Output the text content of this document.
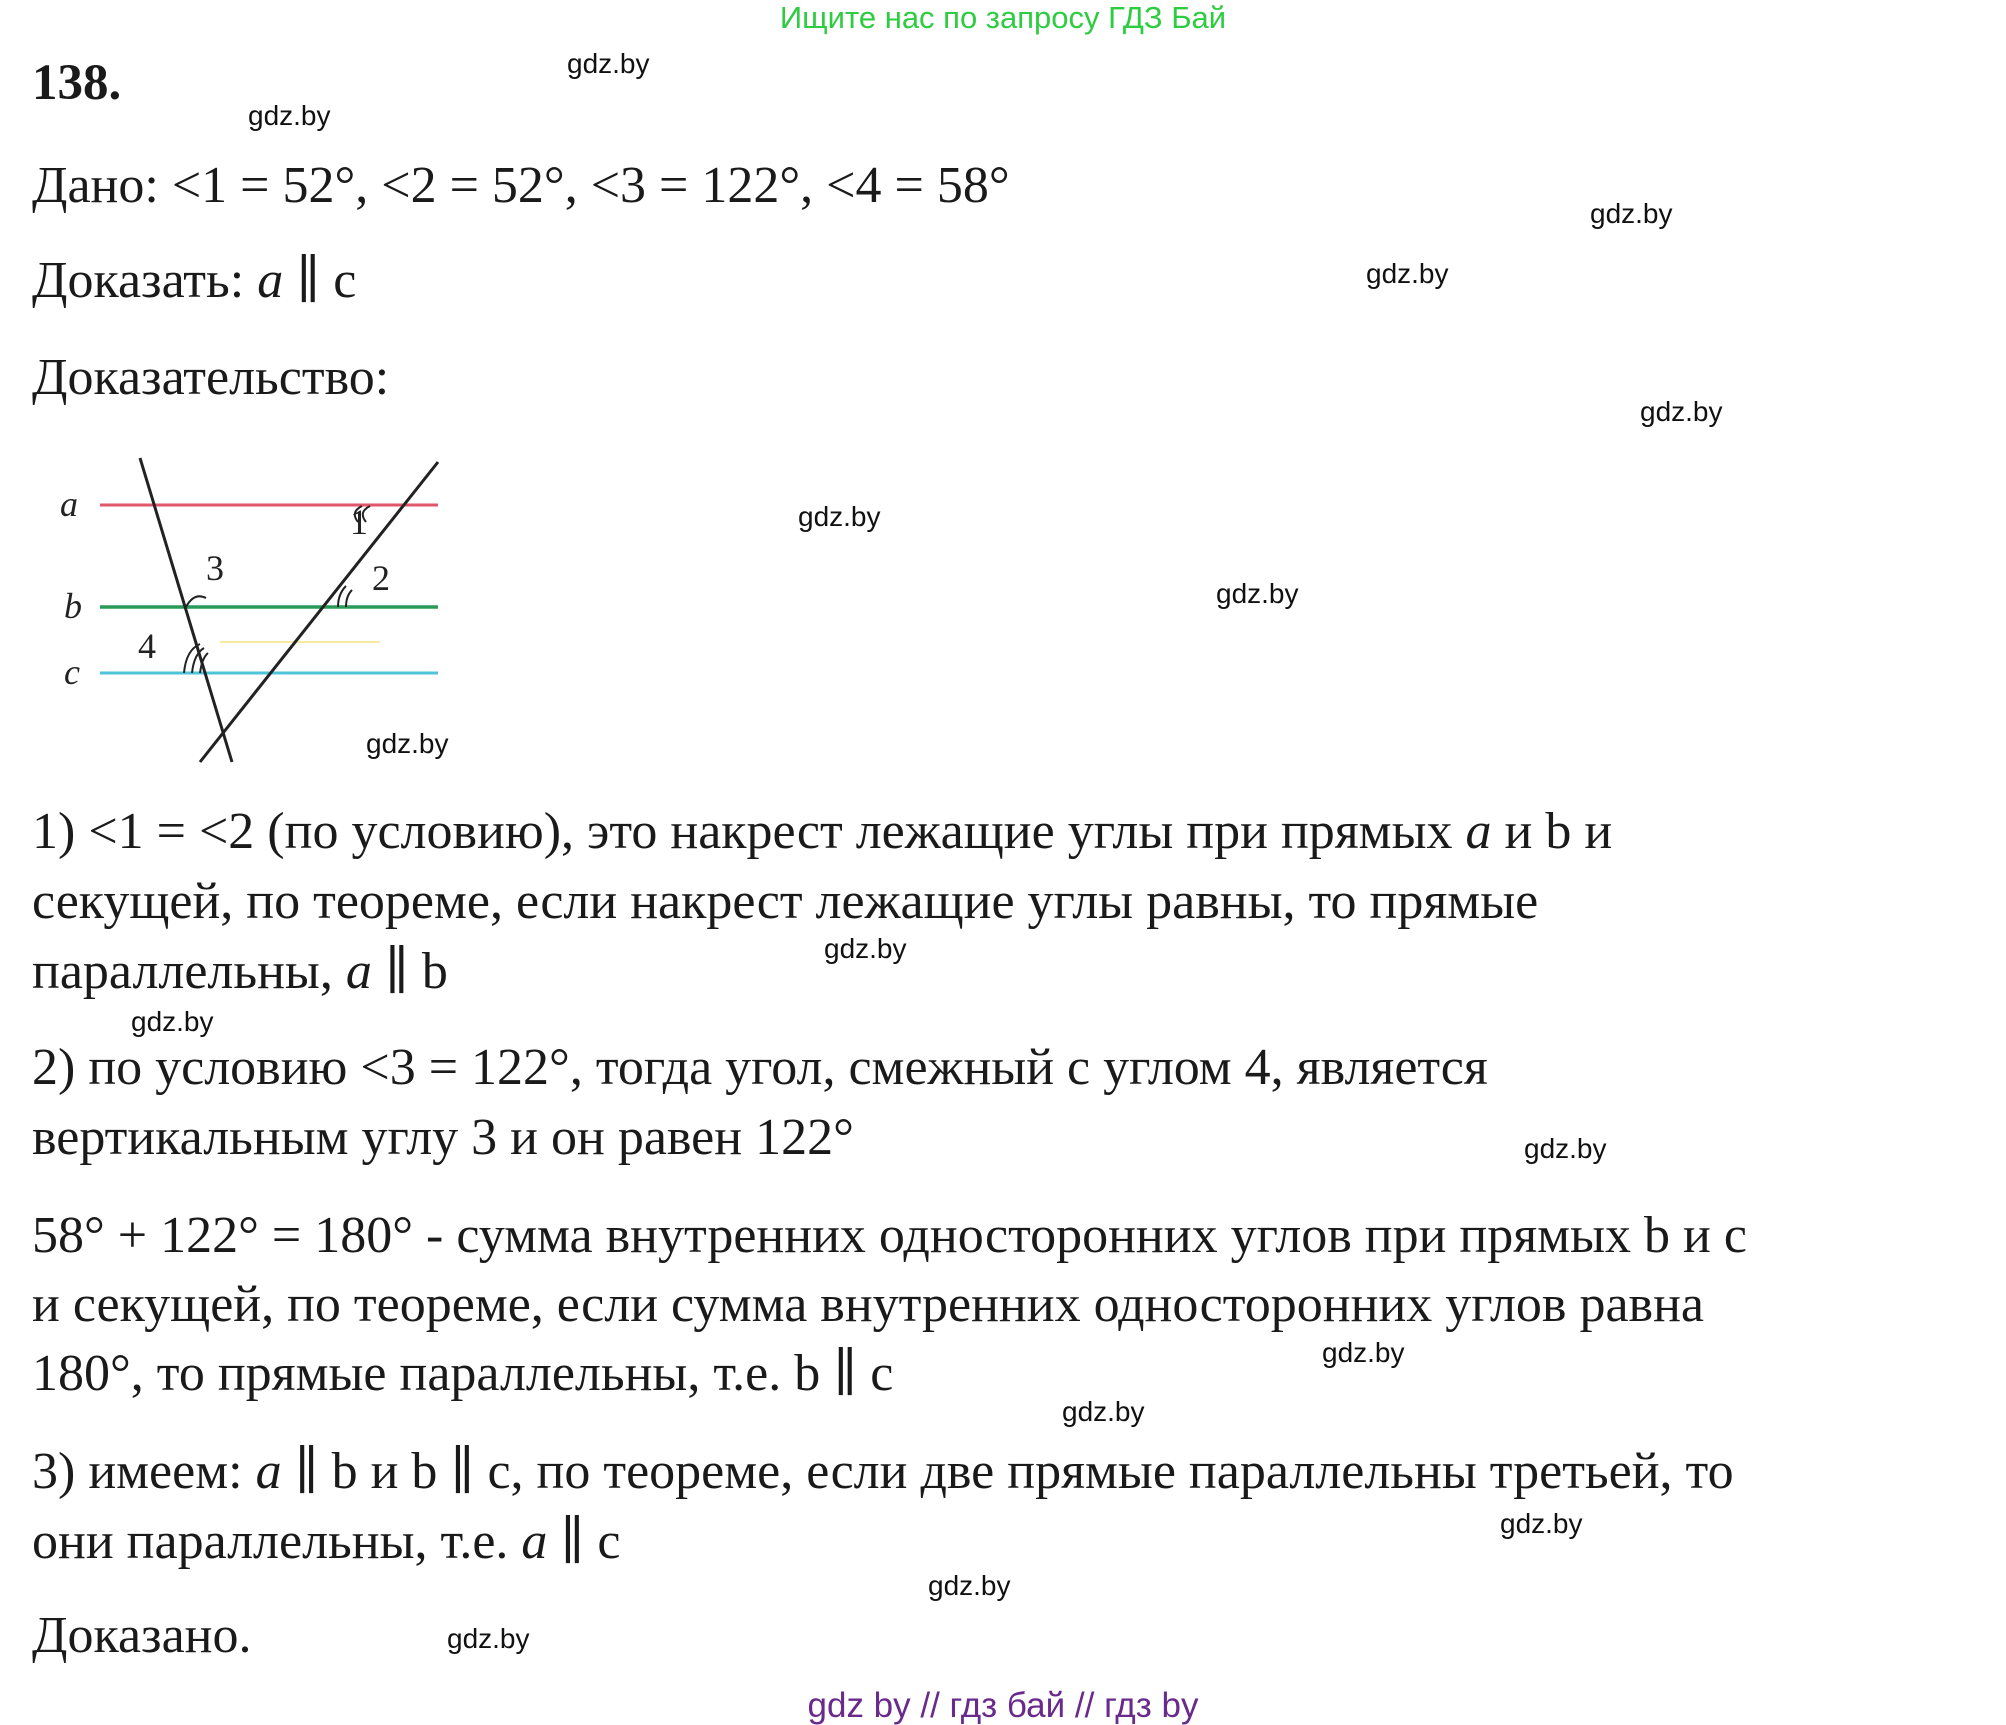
Ищите нас по запросу ГДЗ Бай
138.
Дано: <1 = 52°, <2 = 52°, <3 = 122°, <4 = 58°
Доказать: a ∥ c
Доказательство:
a
b
c
1
2
3
4
1) <1 = <2 (по условию), это накрест лежащие углы при прямых a и b и
секущей, по теореме, если накрест лежащие углы равны, то прямые
параллельны, a ∥ b
2) по условию <3 = 122°, тогда угол, смежный с углом 4, является
вертикальным углу 3 и он равен 122°
58° + 122° = 180° - сумма внутренних односторонних углов при прямых b и с
и секущей, по теореме, если сумма внутренних односторонних углов равна
180°, то прямые параллельны, т.е. b ∥ c
3) имеем: a ∥ b и b ∥ c, по теореме, если две прямые параллельны третьей, то
они параллельны, т.е. a ∥ c
Доказано.
gdz.by
gdz.by
gdz.by
gdz.by
gdz.by
gdz.by
gdz.by
gdz.by
gdz.by
gdz.by
gdz.by
gdz.by
gdz.by
gdz.by
gdz.by
gdz.by
gdz by // гдз бай // гдз by
